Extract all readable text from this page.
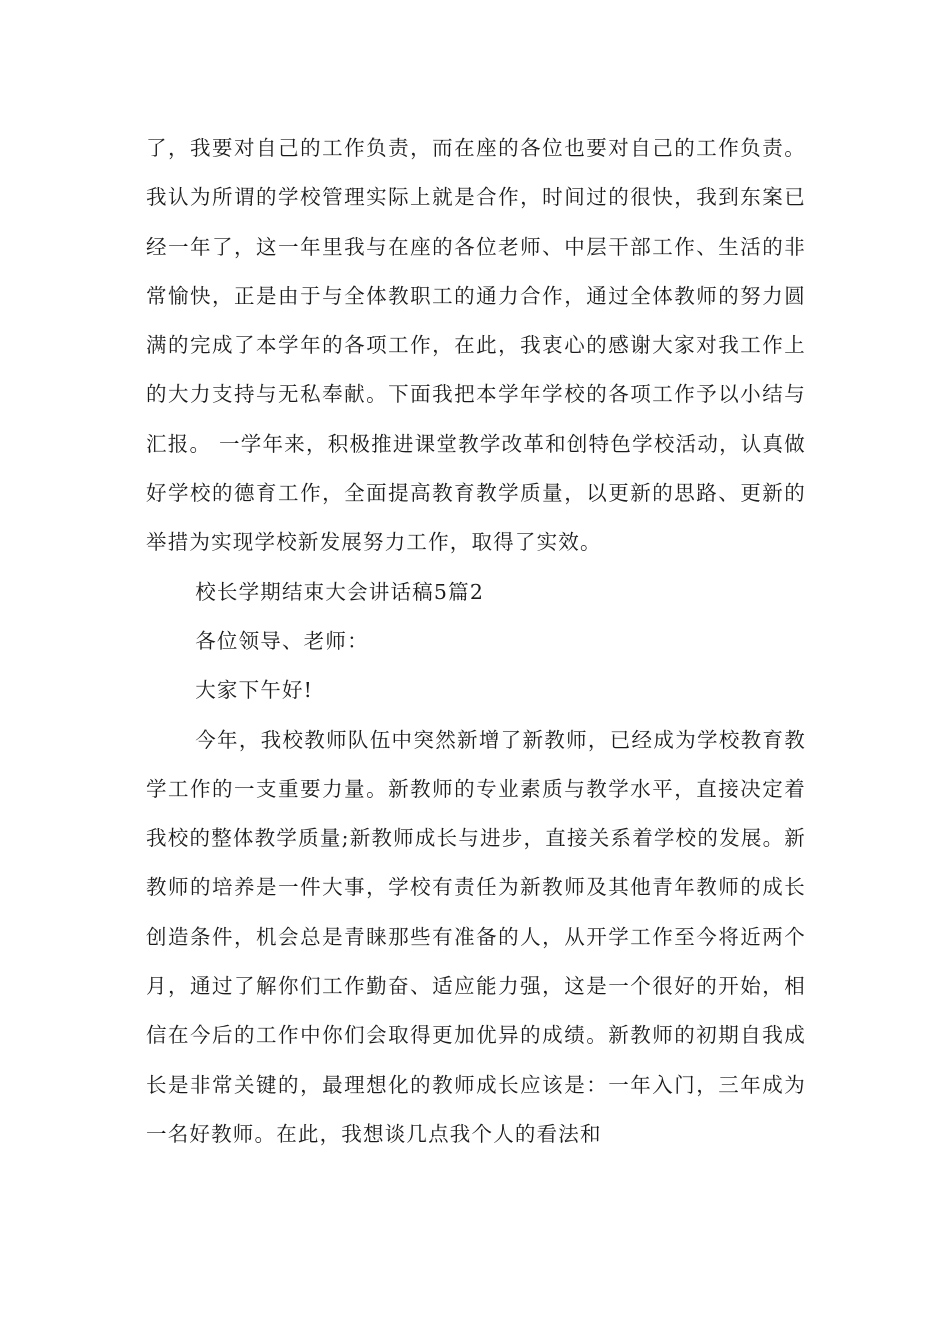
了，我要对自己的工作负责，而在座的各位也要对自己的工作负责。我认为所谓的学校管理实际上就是合作，时间过的很快，我到东案已经一年了，这一年里我与在座的各位老师、中层干部工作、生活的非常愉快，正是由于与全体教职工的通力合作，通过全体教师的努力圆满的完成了本学年的各项工作，在此，我衷心的感谢大家对我工作上的大力支持与无私奉献。下面我把本学年学校的各项工作予以小结与汇报。 一学年来，积极推进课堂教学改革和创特色学校活动，认真做好学校的德育工作，全面提高教育教学质量，以更新的思路、更新的举措为实现学校新发展努力工作，取得了实效。

校长学期结束大会讲话稿5篇2

各位领导、老师：

大家下午好!

今年，我校教师队伍中突然新增了新教师，已经成为学校教育教学工作的一支重要力量。新教师的专业素质与教学水平，直接决定着我校的整体教学质量;新教师成长与进步，直接关系着学校的发展。新教师的培养是一件大事，学校有责任为新教师及其他青年教师的成长创造条件，机会总是青睐那些有准备的人，从开学工作至今将近两个月，通过了解你们工作勤奋、适应能力强，这是一个很好的开始，相信在今后的工作中你们会取得更加优异的成绩。新教师的初期自我成长是非常关键的，最理想化的教师成长应该是：一年入门，三年成为一名好教师。在此，我想谈几点我个人的看法和
